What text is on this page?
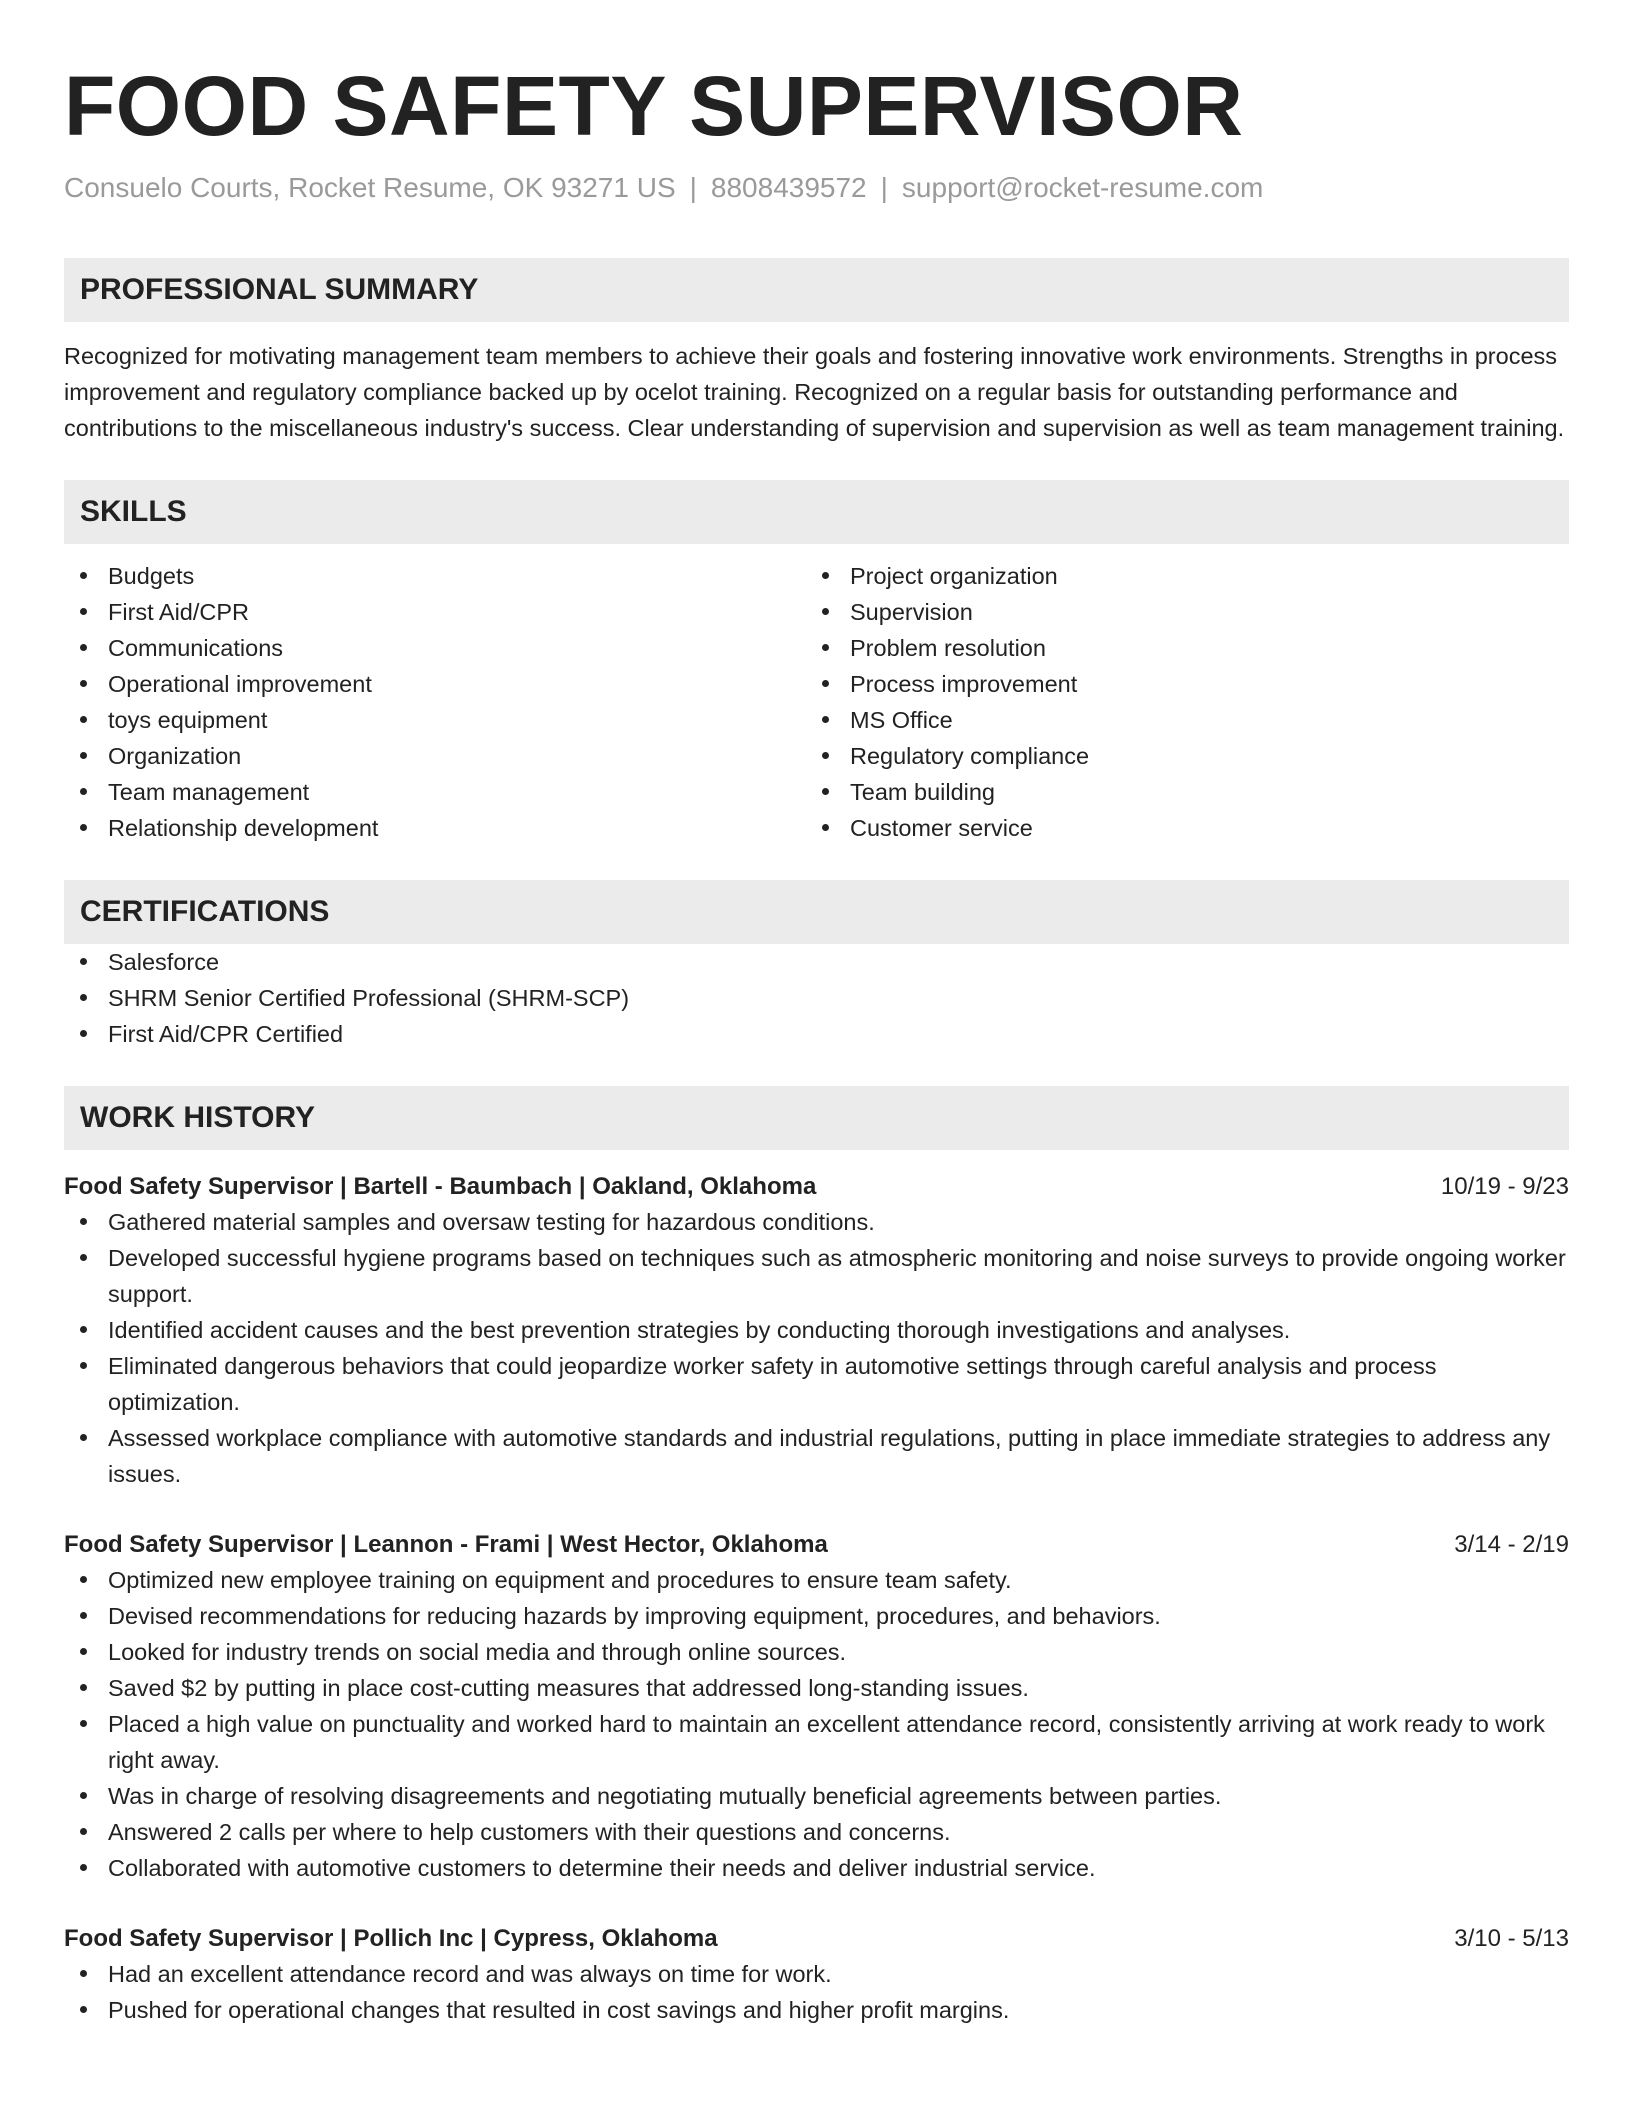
FOOD SAFETY SUPERVISOR
Consuelo Courts, Rocket Resume, OK 93271 US | 8808439572 | support@rocket-resume.com
PROFESSIONAL SUMMARY
Recognized for motivating management team members to achieve their goals and fostering innovative work environments. Strengths in process improvement and regulatory compliance backed up by ocelot training. Recognized on a regular basis for outstanding performance and contributions to the miscellaneous industry's success. Clear understanding of supervision and supervision as well as team management training.
SKILLS
Budgets
First Aid/CPR
Communications
Operational improvement
toys equipment
Organization
Team management
Relationship development
Project organization
Supervision
Problem resolution
Process improvement
MS Office
Regulatory compliance
Team building
Customer service
CERTIFICATIONS
Salesforce
SHRM Senior Certified Professional (SHRM-SCP)
First Aid/CPR Certified
WORK HISTORY
Food Safety Supervisor | Bartell - Baumbach | Oakland, Oklahoma	10/19 - 9/23
Gathered material samples and oversaw testing for hazardous conditions.
Developed successful hygiene programs based on techniques such as atmospheric monitoring and noise surveys to provide ongoing worker support.
Identified accident causes and the best prevention strategies by conducting thorough investigations and analyses.
Eliminated dangerous behaviors that could jeopardize worker safety in automotive settings through careful analysis and process optimization.
Assessed workplace compliance with automotive standards and industrial regulations, putting in place immediate strategies to address any issues.
Food Safety Supervisor | Leannon - Frami | West Hector, Oklahoma	3/14 - 2/19
Optimized new employee training on equipment and procedures to ensure team safety.
Devised recommendations for reducing hazards by improving equipment, procedures, and behaviors.
Looked for industry trends on social media and through online sources.
Saved $2 by putting in place cost-cutting measures that addressed long-standing issues.
Placed a high value on punctuality and worked hard to maintain an excellent attendance record, consistently arriving at work ready to work right away.
Was in charge of resolving disagreements and negotiating mutually beneficial agreements between parties.
Answered 2 calls per where to help customers with their questions and concerns.
Collaborated with automotive customers to determine their needs and deliver industrial service.
Food Safety Supervisor | Pollich Inc | Cypress, Oklahoma	3/10 - 5/13
Had an excellent attendance record and was always on time for work.
Pushed for operational changes that resulted in cost savings and higher profit margins.
